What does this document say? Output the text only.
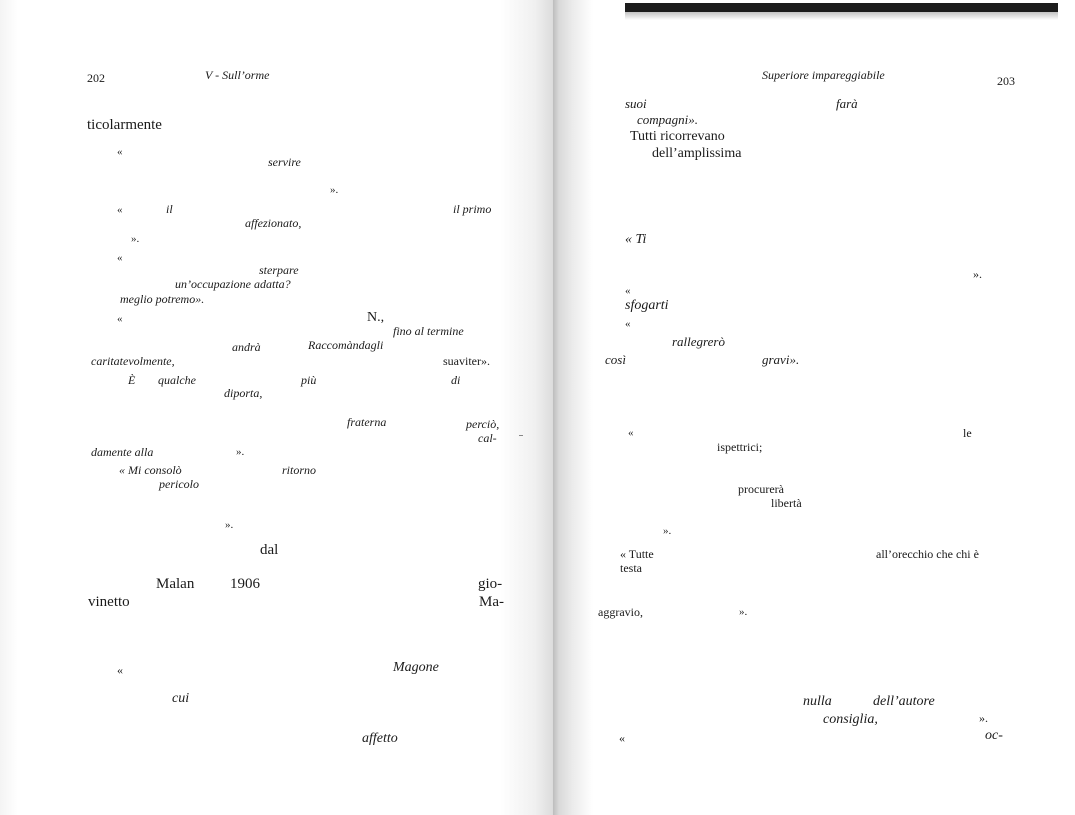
202	V - Sull’orme
ticolarmente
«
servire
».
«	il	il primo
affezionato,
».
«
sterpare
un’occupazione adatta?
meglio potremo».
«	N.,
fino al termine
andrà	Raccomàndagli
caritatevolmente,	suaviter».
È qualche	più	di
diporta,
fraterna	perciò,
cal-
damente alla	».
« Mi consolò	ritorno
pericolo
».
dal
Malan 1906	gio-
vinetto	Ma-
«	Magone
cui
affetto
Superiore impareggiabile	203
suoi	farà
compagni».
Tutti ricorrevano
dell’amplissima
« Ti
».
«
sfogarti
«
rallegrerò
così	gravi».
«	le
ispettrici;
procurerà
libertà
».
« Tutte	all’orecchio che chi è
testa
aggravio,	».
nulla	dell’autore
consiglia,	».
«	oc-
